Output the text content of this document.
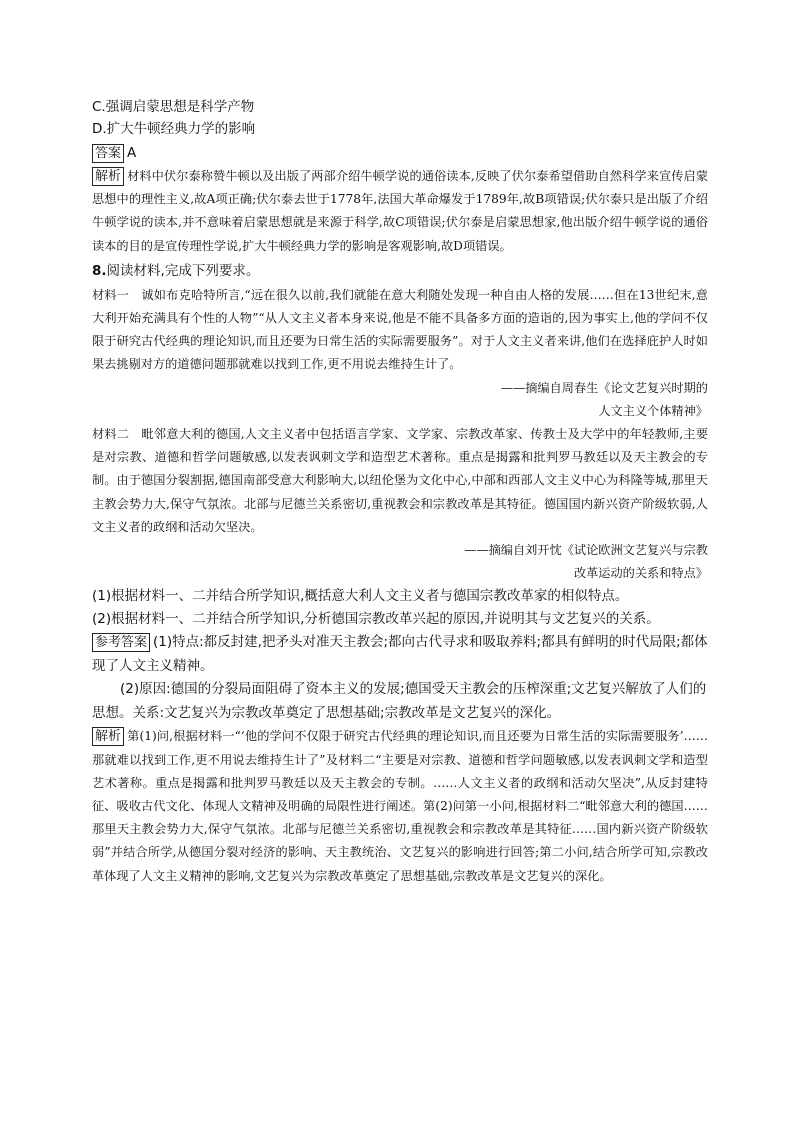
C.强调启蒙思想是科学产物

D.扩大牛顿经典力学的影响

答案 A

解析 材料中伏尔泰称赞牛顿以及出版了两部介绍牛顿学说的通俗读本,反映了伏尔泰希望借助自然科学来宣传启蒙思想中的理性主义,故A项正确;伏尔泰去世于1778年,法国大革命爆发于1789年,故B项错误;伏尔泰只是出版了介绍牛顿学说的读本,并不意味着启蒙思想就是来源于科学,故C项错误;伏尔泰是启蒙思想家,他出版介绍牛顿学说的通俗读本的目的是宣传理性学说,扩大牛顿经典力学的影响是客观影响,故D项错误。

8.阅读材料,完成下列要求。

材料一 诚如布克哈特所言,“远在很久以前,我们就能在意大利随处发现一种自由人格的发展……但在13世纪末,意大利开始充满具有个性的人物”“从人文主义者本身来说,他是不能不具备多方面的造诣的,因为事实上,他的学问不仅限于研究古代经典的理论知识,而且还要为日常生活的实际需要服务”。对于人文主义者来讲,他们在选择庇护人时如果去挑剔对方的道德问题那就难以找到工作,更不用说去维持生计了。

——摘编自周春生《论文艺复兴时期的

人文主义个体精神》

材料二 毗邻意大利的德国,人文主义者中包括语言学家、文学家、宗教改革家、传教士及大学中的年轻教师,主要是对宗教、道德和哲学问题敏感,以发表讽刺文学和造型艺术著称。重点是揭露和批判罗马教廷以及天主教会的专制。由于德国分裂割据,德国南部受意大利影响大,以纽伦堡为文化中心,中部和西部人文主义中心为科隆等城,那里天主教会势力大,保守气氛浓。北部与尼德兰关系密切,重视教会和宗教改革是其特征。德国国内新兴资产阶级软弱,人文主义者的政纲和活动欠坚决。

——摘编自刘开忱《试论欧洲文艺复兴与宗教

改革运动的关系和特点》

(1)根据材料一、二并结合所学知识,概括意大利人文主义者与德国宗教改革家的相似特点。

(2)根据材料一、二并结合所学知识,分析德国宗教改革兴起的原因,并说明其与文艺复兴的关系。

参考答案 (1)特点:都反封建,把矛头对准天主教会;都向古代寻求和吸取养料;都具有鲜明的时代局限;都体现了人文主义精神。

(2)原因:德国的分裂局面阻碍了资本主义的发展;德国受天主教会的压榨深重;文艺复兴解放了人们的思想。关系:文艺复兴为宗教改革奠定了思想基础;宗教改革是文艺复兴的深化。

解析 第(1)问,根据材料一“‘他的学问不仅限于研究古代经典的理论知识,而且还要为日常生活的实际需要服务’……那就难以找到工作,更不用说去维持生计了”及材料二“主要是对宗教、道德和哲学问题敏感,以发表讽刺文学和造型艺术著称。重点是揭露和批判罗马教廷以及天主教会的专制。……人文主义者的政纲和活动欠坚决”,从反封建特征、吸收古代文化、体现人文精神及明确的局限性进行阐述。第(2)问第一小问,根据材料二“毗邻意大利的德国……那里天主教会势力大,保守气氛浓。北部与尼德兰关系密切,重视教会和宗教改革是其特征……国内新兴资产阶级软弱”并结合所学,从德国分裂对经济的影响、天主教统治、文艺复兴的影响进行回答;第二小问,结合所学可知,宗教改革体现了人文主义精神的影响,文艺复兴为宗教改革奠定了思想基础,宗教改革是文艺复兴的深化。
